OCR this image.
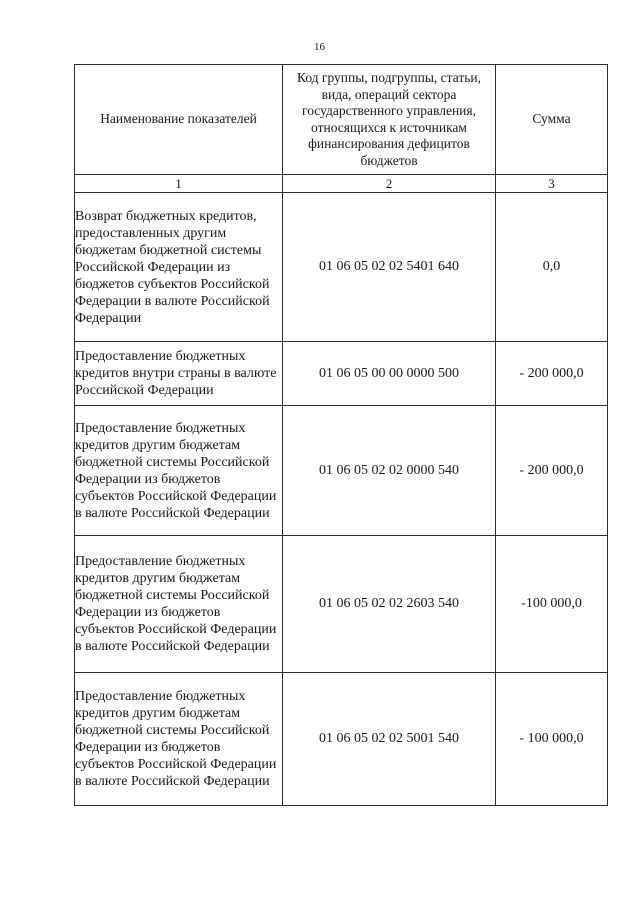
16
Наименование показателей	Код группы, подгруппы, статьи, вида, операций сектора государственного управления, относящихся к источникам финансирования дефицитов бюджетов	Сумма
1	2	3
Возврат бюджетных кредитов, предоставленных другим бюджетам бюджетной системы Российской Федерации из бюджетов субъектов Российской Федерации в валюте Российской Федерации	01 06 05 02 02 5401 640	0,0
Предоставление бюджетных кредитов внутри страны в валюте Российской Федерации	01 06 05 00 00 0000 500	- 200 000,0
Предоставление бюджетных кредитов другим бюджетам бюджетной системы Российской Федерации из бюджетов субъектов Российской Федерации в валюте Российской Федерации	01 06 05 02 02 0000 540	- 200 000,0
Предоставление бюджетных кредитов другим бюджетам бюджетной системы Российской Федерации из бюджетов субъектов Российской Федерации в валюте Российской Федерации	01 06 05 02 02 2603 540	-100 000,0
Предоставление бюджетных кредитов другим бюджетам бюджетной системы Российской Федерации из бюджетов субъектов Российской Федерации в валюте Российской Федерации	01 06 05 02 02 5001 540	- 100 000,0
